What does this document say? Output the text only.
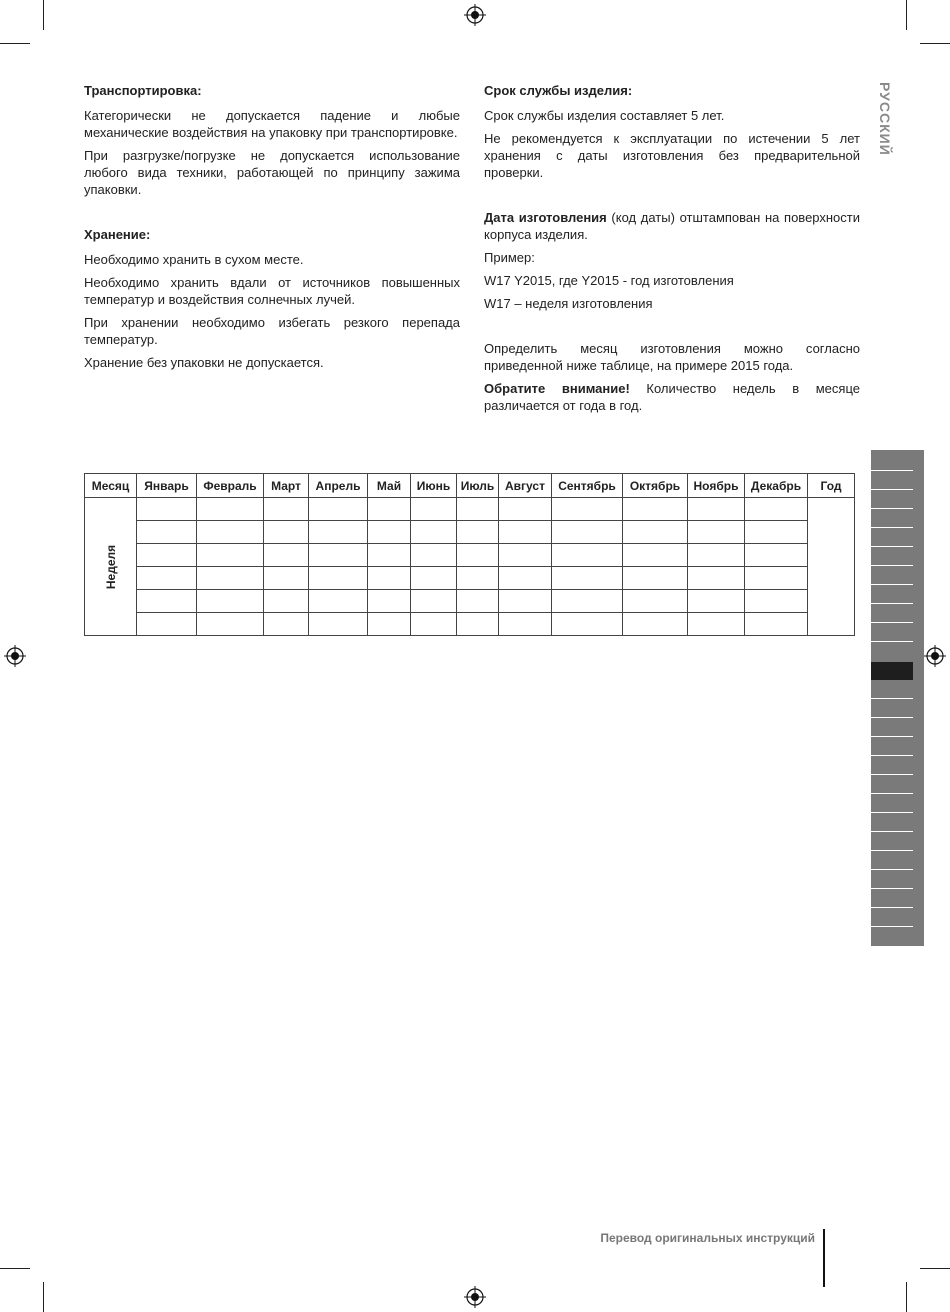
Транспортировка:

Категорически не допускается падение и любые механические воздействия на упаковку при транспортировке.

При разгрузке/погрузке не допускается использование любого вида техники, работающей по принципу зажима упаковки.

Хранение:

Необходимо хранить в сухом месте.

Необходимо хранить вдали от источников повышенных температур и воздействия солнечных лучей.

При хранении необходимо избегать резкого перепада температур.

Хранение без упаковки не допускается.

Срок службы изделия:

Срок службы изделия составляет 5 лет.

Не рекомендуется к эксплуатации по истечении 5 лет хранения с даты изготовления без предварительной проверки.

Дата изготовления (код даты) отштампован на поверхности корпуса изделия.

Пример:

W17 Y2015, где Y2015 - год изготовления

W17 – неделя изготовления

Определить месяц изготовления можно согласно приведенной ниже таблице, на примере 2015 года.

Обратите внимание! Количество недель в месяце различается от года в год.

РУССКИЙ
Месяц	Январь	Февраль	Март	Апрель	Май	Июнь	Июль	Август	Сентябрь	Октябрь	Ноябрь	Декабрь	Год

Неделя													

Перевод оригинальных инструкций
